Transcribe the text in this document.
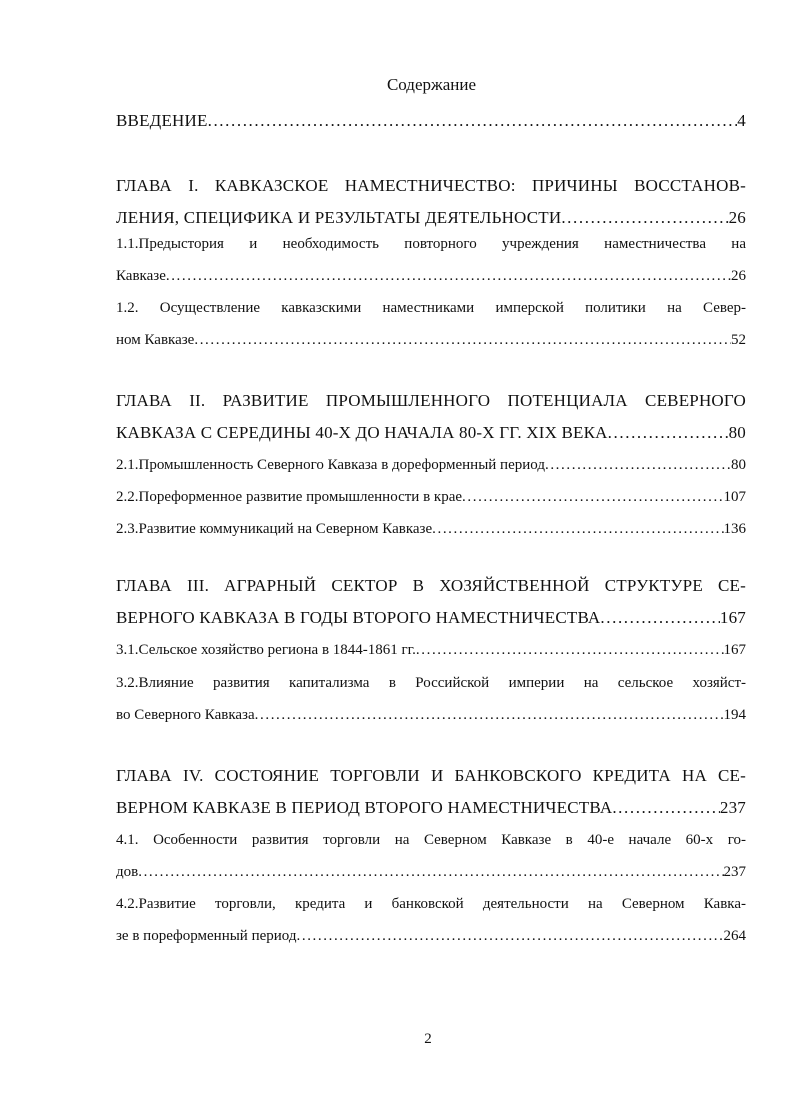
Содержание
ВВЕДЕНИЕ .....	4
ГЛАВА I. КАВКАЗСКОЕ НАМЕСТНИЧЕСТВО: ПРИЧИНЫ ВОССТАНОВ-
ЛЕНИЯ, СПЕЦИФИКА И РЕЗУЛЬТАТЫ ДЕЯТЕЛЬНОСТИ .....	26
1.1.Предыстория и необходимость повторного учреждения наместничества на
Кавказе .....	26
1.2. Осуществление кавказскими наместниками имперской политики на Север-
ном Кавказе .....	52
ГЛАВА II. РАЗВИТИЕ ПРОМЫШЛЕННОГО ПОТЕНЦИАЛА СЕВЕРНОГО
КАВКАЗА С СЕРЕДИНЫ 40-Х ДО НАЧАЛА 80-Х ГГ. XIX ВЕКА .....	80
2.1.Промышленность Северного Кавказа в дореформенный период .....	80
2.2.Пореформенное развитие промышленности в крае .....	107
2.3.Развитие коммуникаций на Северном Кавказе .....	136
ГЛАВА III. АГРАРНЫЙ СЕКТОР В ХОЗЯЙСТВЕННОЙ СТРУКТУРЕ СЕ-
ВЕРНОГО КАВКАЗА В ГОДЫ ВТОРОГО НАМЕСТНИЧЕСТВА .....	167
3.1.Сельское хозяйство региона в 1844-1861 гг. .....	167
3.2.Влияние развития капитализма в Российской империи на сельское хозяйст-
во Северного Кавказа .....	194
ГЛАВА IV. СОСТОЯНИЕ ТОРГОВЛИ И БАНКОВСКОГО КРЕДИТА НА СЕ-
ВЕРНОМ КАВКАЗЕ В ПЕРИОД ВТОРОГО НАМЕСТНИЧЕСТВА .....	237
4.1. Особенности развития торговли на Северном Кавказе в 40-е начале 60-х го-
дов .....	237
4.2.Развитие торговли, кредита и банковской деятельности на Северном Кавка-
зе в пореформенный период .....	264
2
